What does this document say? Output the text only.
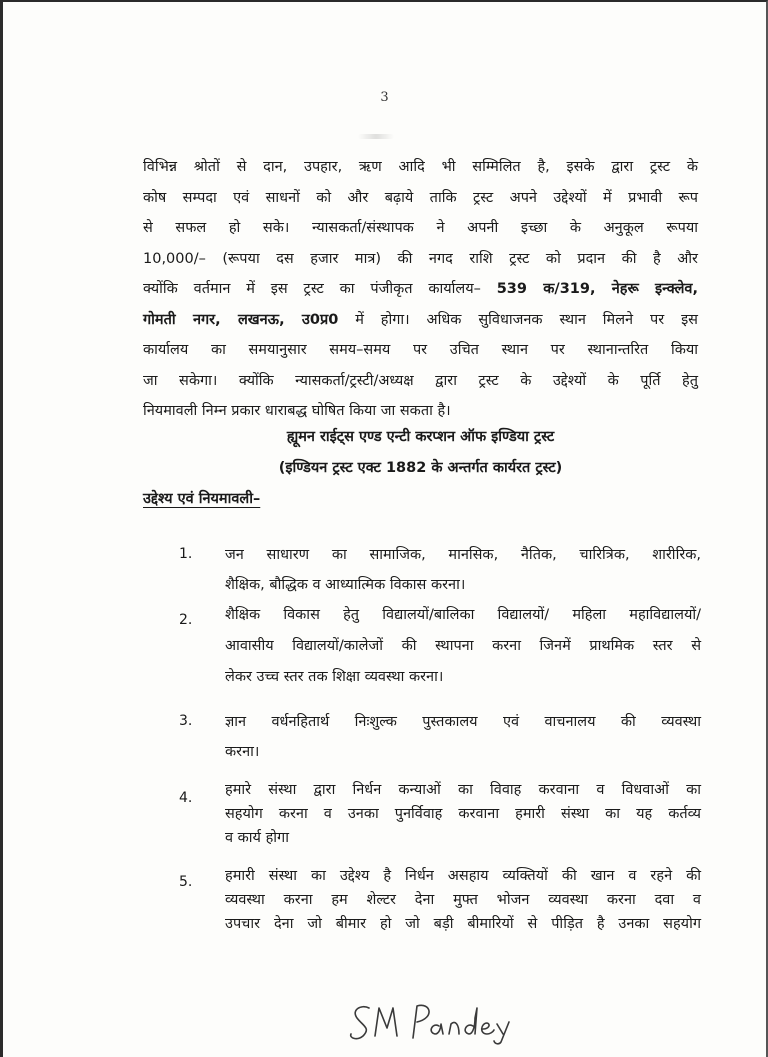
3
विभिन्न श्रोतों से दान, उपहार, ऋण आदि भी सम्मिलित है, इसके द्वारा ट्रस्ट के
कोष सम्पदा एवं साधनों को और बढ़ाये ताकि ट्रस्ट अपने उद्देश्यों में प्रभावी रूप
से सफल हो सके। न्यासकर्ता/संस्थापक ने अपनी इच्छा के अनुकूल रूपया
10,000/– (रूपया दस हजार मात्र) की नगद राशि ट्रस्ट को प्रदान की है और
क्योंकि वर्तमान में इस ट्रस्ट का पंजीकृत कार्यालय– 539 क/319, नेहरू इन्क्लेव,
गोमती नगर, लखनऊ, उ0प्र0 में होगा। अधिक सुविधाजनक स्थान मिलने पर इस
कार्यालय का समयानुसार समय–समय पर उचित स्थान पर स्थानान्तरित किया
जा सकेगा। क्योंकि न्यासकर्ता/ट्रस्टी/अध्यक्ष द्वारा ट्रस्ट के उद्देश्यों के पूर्ति हेतु
नियमावली निम्न प्रकार धाराबद्ध घोषित किया जा सकता है।
ह्यूमन राईट्स एण्ड एन्टी करप्शन ऑफ इण्डिया ट्रस्ट
(इण्डियन ट्रस्ट एक्ट 1882 के अन्तर्गत कार्यरत ट्रस्ट)
उद्देश्य एवं नियमावली–
1.	जन साधारण का सामाजिक, मानसिक, नैतिक, चारित्रिक, शारीरिक,
शैक्षिक, बौद्धिक व आध्यात्मिक विकास करना।
2.	शैक्षिक विकास हेतु विद्यालयों/बालिका विद्यालयों/ महिला महाविद्यालयों/
आवासीय विद्यालयों/कालेजों की स्थापना करना जिनमें प्राथमिक स्तर से
लेकर उच्च स्तर तक शिक्षा व्यवस्था करना।
3.	ज्ञान वर्धनहितार्थ निःशुल्क पुस्तकालय एवं वाचनालय की व्यवस्था
करना।
4.	हमारे संस्था द्वारा निर्धन कन्याओं का विवाह करवाना व विधवाओं का
सहयोग करना व उनका पुनर्विवाह करवाना हमारी संस्था का यह कर्तव्य
व कार्य होगा
5.	हमारी संस्था का उद्देश्य है निर्धन असहाय व्यक्तियों की खान व रहने की
व्यवस्था करना हम शेल्टर देना मुफ्त भोजन व्यवस्था करना दवा व
उपचार देना जो बीमार हो जो बड़ी बीमारियों से पीड़ित है उनका सहयोग
